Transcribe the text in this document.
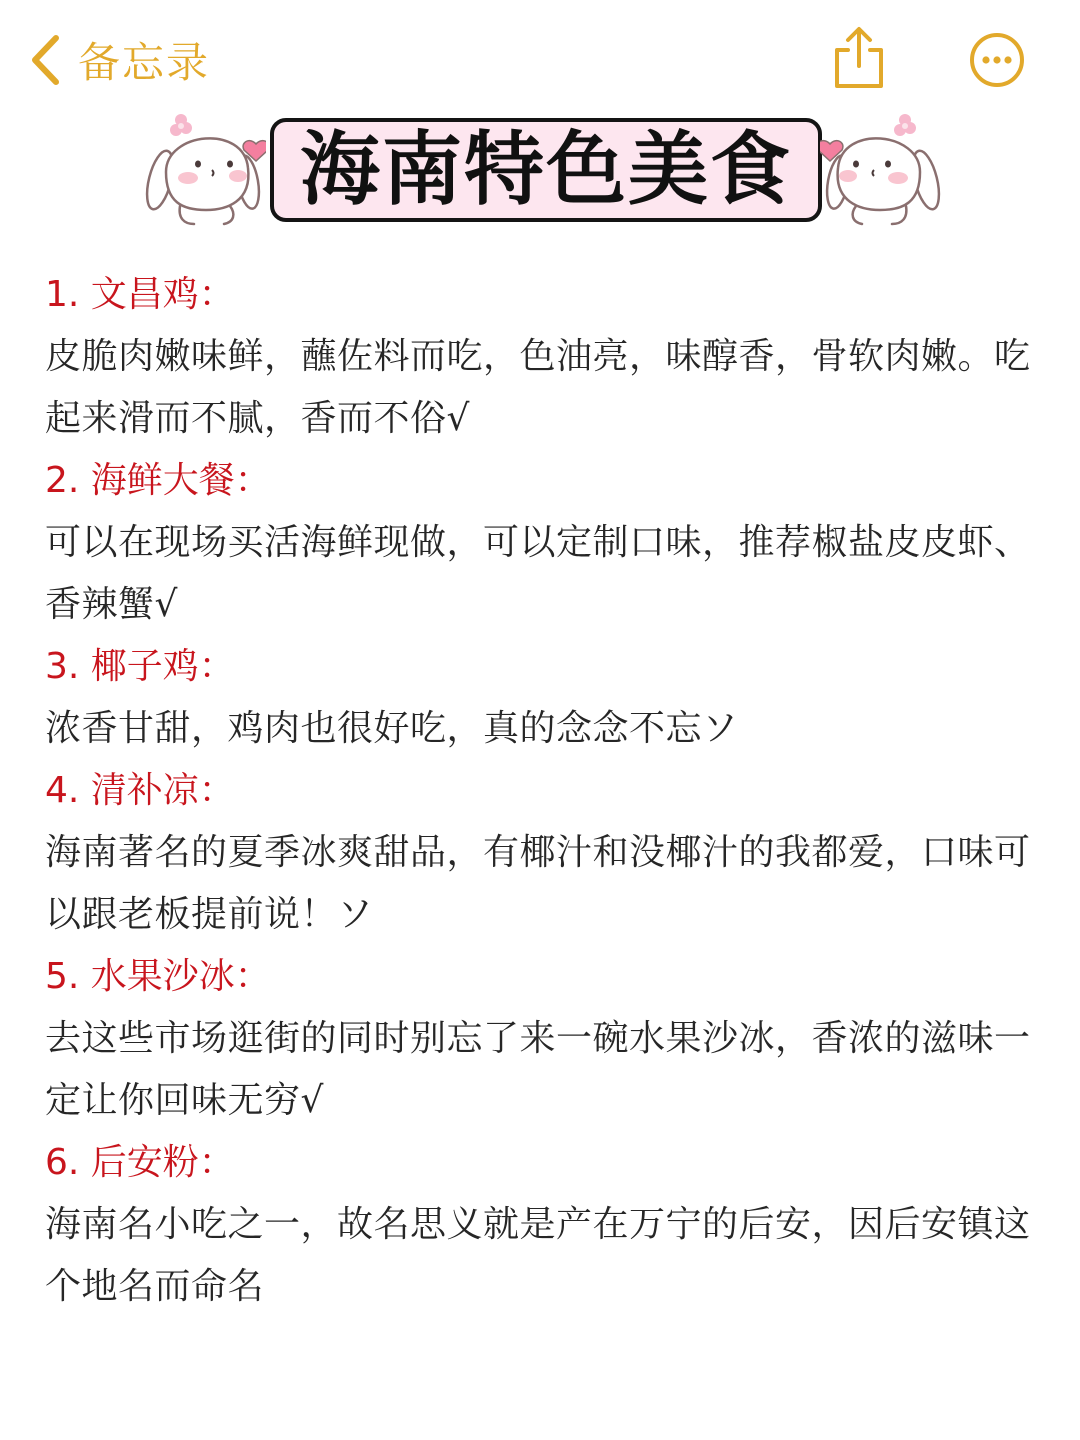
备忘录
海南特色美食
1. 文昌鸡：
皮脆肉嫩味鲜，蘸佐料而吃，色油亮，味醇香，骨软肉嫩。吃起来滑而不腻，香而不俗√
2. 海鲜大餐：
可以在现场买活海鲜现做，可以定制口味，推荐椒盐皮皮虾、香辣蟹√
3. 椰子鸡：
浓香甘甜，鸡肉也很好吃，真的念念不忘ソ
4. 清补凉：
海南著名的夏季冰爽甜品，有椰汁和没椰汁的我都爱，口味可以跟老板提前说！ソ
5. 水果沙冰：
去这些市场逛街的同时别忘了来一碗水果沙冰，香浓的滋味一定让你回味无穷√
6. 后安粉：
海南名小吃之一，故名思义就是产在万宁的后安，因后安镇这个地名而命名
